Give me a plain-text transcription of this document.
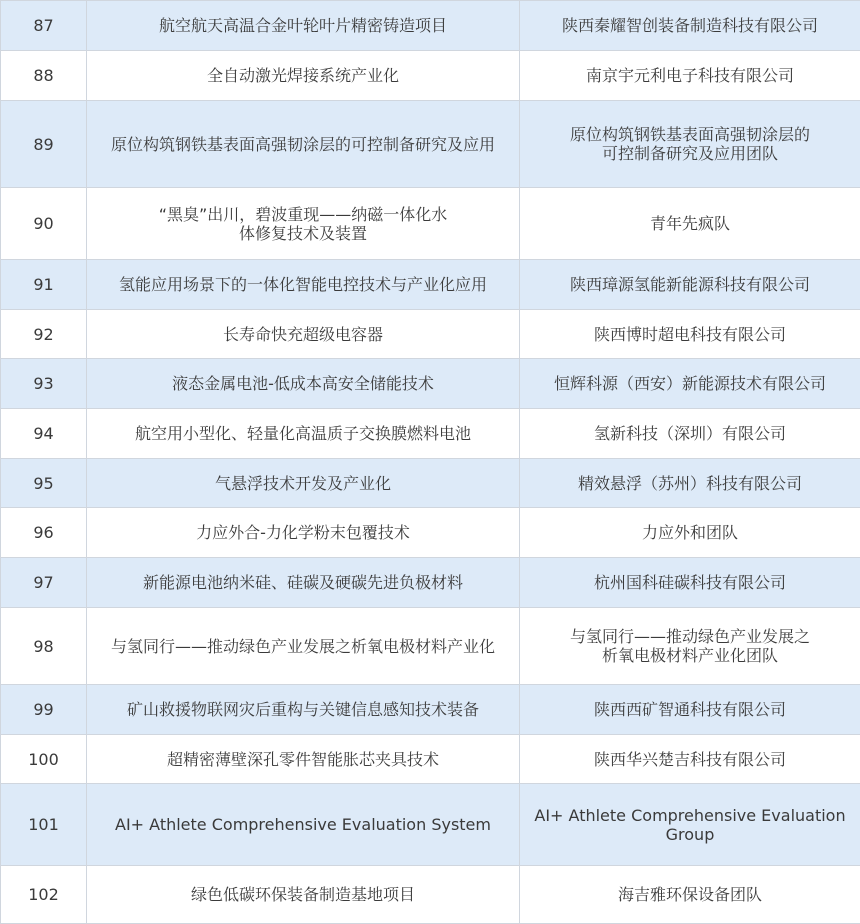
87	航空航天高温合金叶轮叶片精密铸造项目	陕西秦耀智创装备制造科技有限公司

88	全自动激光焊接系统产业化	南京宇元利电子科技有限公司

89	原位构筑钢铁基表面高强韧涂层的可控制备研究及应用	原位构筑钢铁基表面高强韧涂层的
可控制备研究及应用团队

90	“黑臭”出川，碧波重现——纳磁一体化水
体修复技术及装置	青年先疯队

91	氢能应用场景下的一体化智能电控技术与产业化应用	陕西璋源氢能新能源科技有限公司

92	长寿命快充超级电容器	陕西博时超电科技有限公司

93	液态金属电池-低成本高安全储能技术	恒辉科源（西安）新能源技术有限公司

94	航空用小型化、轻量化高温质子交换膜燃料电池	氢新科技（深圳）有限公司

95	气悬浮技术开发及产业化	精效悬浮（苏州）科技有限公司

96	力应外合-力化学粉末包覆技术	力应外和团队

97	新能源电池纳米硅、硅碳及硬碳先进负极材料	杭州国科硅碳科技有限公司

98	与氢同行——推动绿色产业发展之析氧电极材料产业化	与氢同行——推动绿色产业发展之
析氧电极材料产业化团队

99	矿山救援物联网灾后重构与关键信息感知技术装备	陕西西矿智通科技有限公司

100	超精密薄壁深孔零件智能胀芯夹具技术	陕西华兴楚吉科技有限公司

101	AI+ Athlete Comprehensive Evaluation System	AI+ Athlete Comprehensive Evaluation
Group

102	绿色低碳环保装备制造基地项目	海吉雅环保设备团队
